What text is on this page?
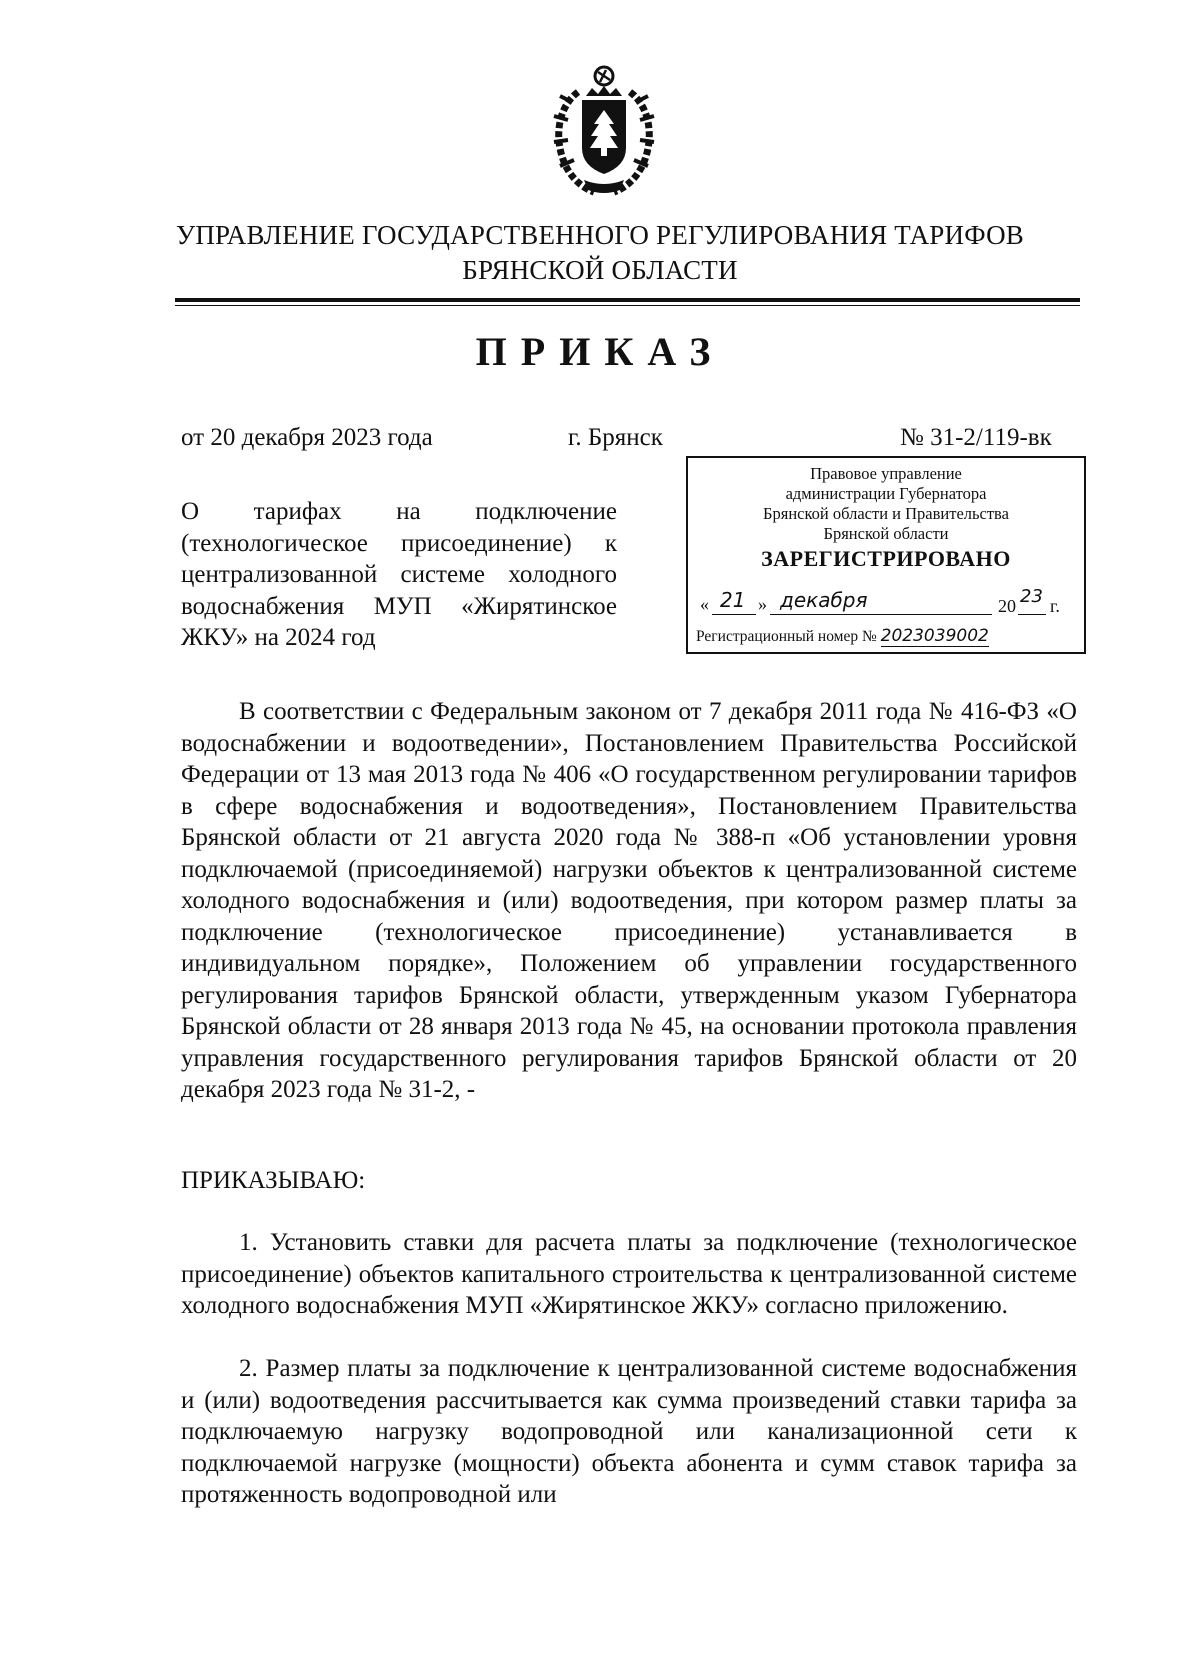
УПРАВЛЕНИЕ ГОСУДАРСТВЕННОГО РЕГУЛИРОВАНИЯ ТАРИФОВ
БРЯНСКОЙ ОБЛАСТИ
ПРИКАЗ
от 20 декабря 2023 года	г. Брянск	№ 31-2/119-вк
О тарифах на подключение (технологическое присоединение) к централизованной системе холодного водоснабжения МУП «Жирятинское ЖКУ» на 2024 год
Правовое управление
администрации Губернатора
Брянской области и Правительства
Брянской области
ЗАРЕГИСТРИРОВАНО
« 21 » декабря	20 23 г.
Регистрационный номер № 2023039002
В соответствии с Федеральным законом от 7 декабря 2011 года № 416-ФЗ «О водоснабжении и водоотведении», Постановлением Правительства Российской Федерации от 13 мая 2013 года № 406 «О государственном регулировании тарифов в сфере водоснабжения и водоотведения», Постановлением Правительства Брянской области от 21 августа 2020 года № 388-п «Об установлении уровня подключаемой (присоединяемой) нагрузки объектов к централизованной системе холодного водоснабжения и (или) водоотведения, при котором размер платы за подключение (технологическое присоединение) устанавливается в индивидуальном порядке», Положением об управлении государственного регулирования тарифов Брянской области, утвержденным указом Губернатора Брянской области от 28 января 2013 года № 45, на основании протокола правления управления государственного регулирования тарифов Брянской области от 20 декабря 2023 года № 31-2, -
ПРИКАЗЫВАЮ:
1. Установить ставки для расчета платы за подключение (технологическое присоединение) объектов капитального строительства к централизованной системе холодного водоснабжения МУП «Жирятинское ЖКУ» согласно приложению.
2. Размер платы за подключение к централизованной системе водоснабжения и (или) водоотведения рассчитывается как сумма произведений ставки тарифа за подключаемую нагрузку водопроводной или канализационной сети к подключаемой нагрузке (мощности) объекта абонента и сумм ставок тарифа за протяженность водопроводной или
